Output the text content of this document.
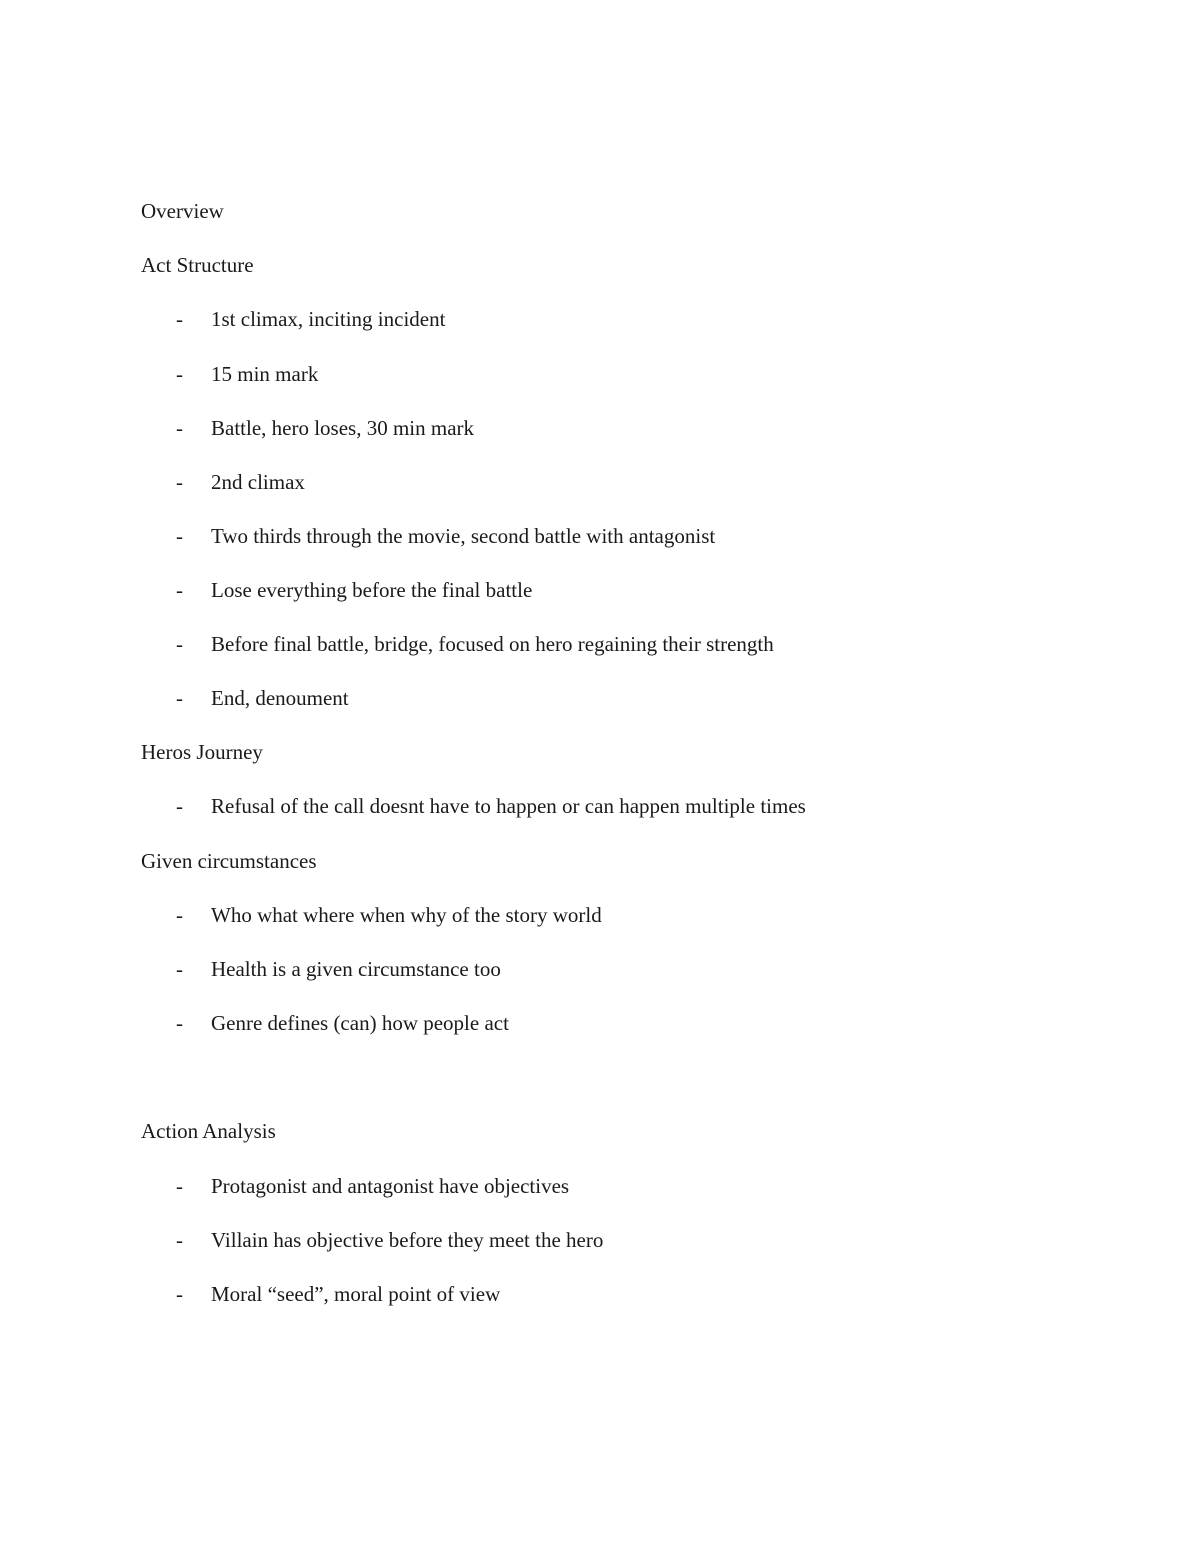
Overview
Act Structure
- 1st climax, inciting incident
- 15 min mark
- Battle, hero loses, 30 min mark
- 2nd climax
- Two thirds through the movie, second battle with antagonist
- Lose everything before the final battle
- Before final battle, bridge, focused on hero regaining their strength
- End, denoument
Heros Journey
- Refusal of the call doesnt have to happen or can happen multiple times
Given circumstances
- Who what where when why of the story world
- Health is a given circumstance too
- Genre defines (can) how people act
Action Analysis
- Protagonist and antagonist have objectives
- Villain has objective before they meet the hero
- Moral “seed”, moral point of view
